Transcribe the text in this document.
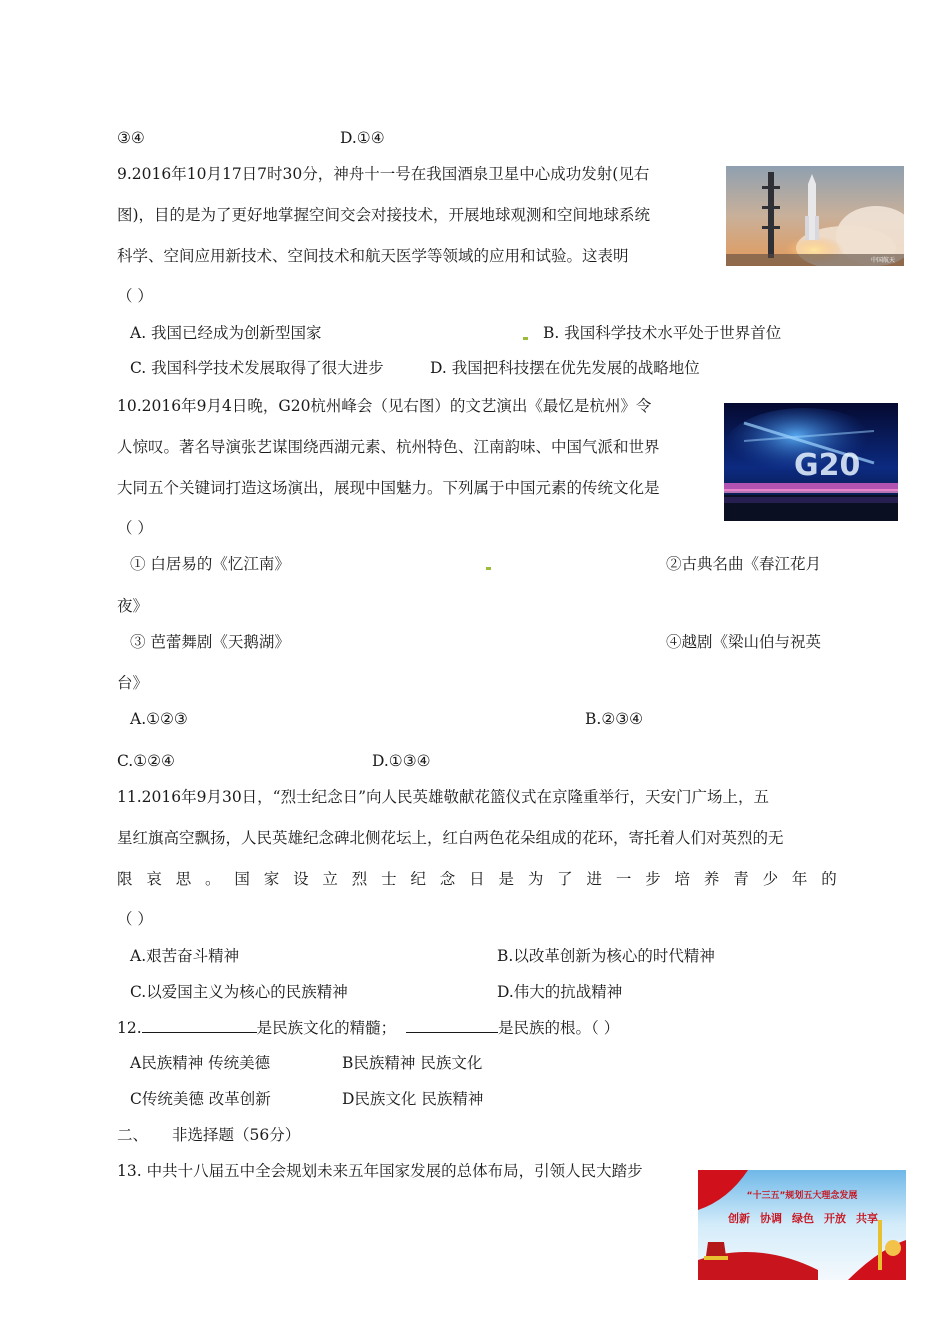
③④	D.①④
9.2016年10月17日7时30分，神舟十一号在我国酒泉卫星中心成功发射(见右
图)，目的是为了更好地掌握空间交会对接技术，开展地球观测和空间地球系统
科学、空间应用新技术、空间技术和航天医学等领域的应用和试验。这表明
（ ）
A. 我国已经成为创新型国家	B. 我国科学技术水平处于世界首位
C. 我国科学技术发展取得了很大进步	D. 我国把科技摆在优先发展的战略地位
中国航天
10.2016年9月4日晚，G20杭州峰会（见右图）的文艺演出《最忆是杭州》令
人惊叹。著名导演张艺谋围绕西湖元素、杭州特色、江南韵味、中国气派和世界
大同五个关键词打造这场演出，展现中国魅力。下列属于中国元素的传统文化是
（ ）
① 白居易的《忆江南》	②古典名曲《春江花月
夜》
③ 芭蕾舞剧《天鹅湖》	④越剧《梁山伯与祝英
台》
A.①②③	B.②③④
C.①②④	D.①③④
G20
11.2016年9月30日，“烈士纪念日”向人民英雄敬献花篮仪式在京隆重举行，天安门广场上，五
星红旗高空飘扬，人民英雄纪念碑北侧花坛上，红白两色花朵组成的花环，寄托着人们对英烈的无
限 哀 思 。 国 家 设 立 烈 士 纪 念 日 是 为 了 进 一 步 培 养 青 少 年 的
（ ）
A.艰苦奋斗精神	B.以改革创新为核心的时代精神
C.以爱国主义为核心的民族精神	D.伟大的抗战精神
12.	是民族文化的精髓；	是民族的根。（ ）
A民族精神 传统美德	B民族精神 民族文化
C传统美德 改革创新	D民族文化 民族精神
二、 非选择题（56分）
13. 中共十八届五中全会规划未来五年国家发展的总体布局，引领人民大踏步
“十三五”规划五大理念发展
创新 协调 绿色 开放 共享
